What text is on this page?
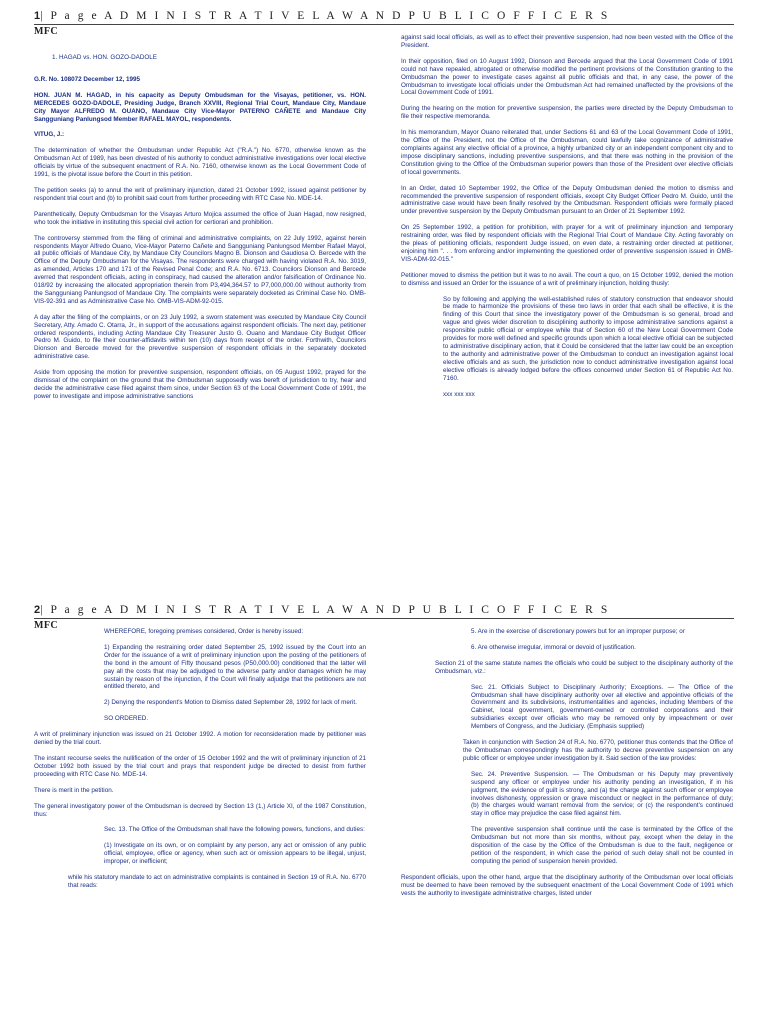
1| P a g e A D M I N I S T R A T I V E L A W A N D P U B L I C O F F I C E R S
MFC

1. HAGAD vs. HON. GOZO-DADOLE

G.R. No. 108072 December 12, 1995

HON. JUAN M. HAGAD, in his capacity as Deputy Ombudsman for the Visayas, petitioner, vs. HON. MERCEDES GOZO-DADOLE, Presiding Judge, Branch XXVIII, Regional Trial Court, Mandaue City, Mandaue City Mayor ALFREDO M. OUANO, Mandaue City Vice-Mayor PATERNO CAÑETE and Mandaue City Sangguniang Panlungsod Member RAFAEL MAYOL, respondents.

VITUG, J.:

The determination of whether the Ombudsman under Republic Act ("R.A.") No. 6770, otherwise known as the Ombudsman Act of 1989, has been divested of his authority to conduct administrative investigations over local elective officials by virtue of the subsequent enactment of R.A. No. 7160, otherwise known as the Local Government Code of 1991, is the pivotal issue before the Court in this petition.

The petition seeks (a) to annul the writ of preliminary injunction, dated 21 October 1992, issued against petitioner by respondent trial court and (b) to prohibit said court from further proceeding with RTC Case No. MDE-14.

Parenthetically, Deputy Ombudsman for the Visayas Arturo Mojica assumed the office of Juan Hagad, now resigned, who took the initiative in instituting this special civil action for certiorari and prohibition.

The controversy stemmed from the filing of criminal and administrative complaints, on 22 July 1992, against herein respondents Mayor Alfredo Ouano, Vice-Mayor Paterno Cañete and Sangguniang Panlungsod Member Rafael Mayol, all public officials of Mandaue City, by Mandaue City Councilors Magno B. Dionson and Gaudiosa O. Bercede with the Office of the Deputy Ombudsman for the Visayas. The respondents were charged with having violated R.A. No. 3019, as amended, Articles 170 and 171 of the Revised Penal Code; and R.A. No. 6713. Councilors Dionson and Bercede averred that respondent officials, acting in conspiracy, had caused the alteration and/or falsification of Ordinance No. 018/92 by increasing the allocated appropriation therein from P3,494,364.57 to P7,000,000.00 without authority from the Sangguniang Panlungsod of Mandaue City. The complaints were separately docketed as Criminal Case No. OMB-VIS-92-391 and as Administrative Case No. OMB-VIS-ADM-92-015.

A day after the filing of the complaints, or on 23 July 1992, a sworn statement was executed by Mandaue City Council Secretary, Atty. Amado C. Otarra, Jr., in support of the accusations against respondent officials. The next day, petitioner ordered respondents, including Acting Mandaue City Treasurer Justo G. Ouano and Mandaue City Budget Officer Pedro M. Guido, to file their counter-affidavits within ten (10) days from receipt of the order. Forthwith, Councilors Dionson and Bercede moved for the preventive suspension of respondent officials in the separately docketed administrative case.

Aside from opposing the motion for preventive suspension, respondent officials, on 05 August 1992, prayed for the dismissal of the complaint on the ground that the Ombudsman supposedly was bereft of jurisdiction to try, hear and decide the administrative case filed against them since, under Section 63 of the Local Government Code of 1991, the power to investigate and impose administrative sanctions

against said local officials, as well as to effect their preventive suspension, had now been vested with the Office of the President.

In their opposition, filed on 10 August 1992, Dionson and Bercede argued that the Local Government Code of 1991 could not have repealed, abrogated or otherwise modified the pertinent provisions of the Constitution granting to the Ombudsman the power to investigate cases against all public officials and that, in any case, the power of the Ombudsman to investigate local officials under the Ombudsman Act had remained unaffected by the provisions of the Local Government Code of 1991.

During the hearing on the motion for preventive suspension, the parties were directed by the Deputy Ombudsman to file their respective memoranda.

In his memorandum, Mayor Ouano reiterated that, under Sections 61 and 63 of the Local Government Code of 1991, the Office of the President, not the Office of the Ombudsman, could lawfully take cognizance of administrative complaints against any elective official of a province, a highly urbanized city or an independent component city and to impose disciplinary sanctions, including preventive suspensions, and that there was nothing in the provision of the Constitution giving to the Office of the Ombudsman superior powers than those of the President over elective officials of local governments.

In an Order, dated 10 September 1992, the Office of the Deputy Ombudsman denied the motion to dismiss and recommended the preventive suspension of respondent officials, except City Budget Officer Pedro M. Guido, until the administrative case would have been finally resolved by the Ombudsman. Respondent officials were formally placed under preventive suspension by the Deputy Ombudsman pursuant to an Order of 21 September 1992.

On 25 September 1992, a petition for prohibition, with prayer for a writ of preliminary injunction and temporary restraining order, was filed by respondent officials with the Regional Trial Court of Mandaue City. Acting favorably on the pleas of petitioning officials, respondent Judge issued, on even date, a restraining order directed at petitioner, enjoining him ". . . from enforcing and/or implementing the questioned order of preventive suspension issued in OMB-VIS-ADM-92-015."

Petitioner moved to dismiss the petition but it was to no avail. The court a quo, on 15 October 1992, denied the motion to dismiss and issued an Order for the issuance of a writ of preliminary injunction, holding thusly:

So by following and applying the well-established rules of statutory construction that endeavor should be made to harmonize the provisions of these two laws in order that each shall be effective, it is the finding of this Court that since the investigatory power of the Ombudsman is so general, broad and vague and gives wider discretion to disciplining authority to impose administrative sanctions against a responsible public official or employee while that of Section 60 of the New Local Government Code provides for more well defined and specific grounds upon which a local elective official can be subjected to administrative disciplinary action, that it Could be considered that the latter law could be an exception to the authority and administrative power of the Ombudsman to conduct an investigation against local elective officials and as such, the jurisdiction now to conduct administrative investigation against local elective officials is already lodged before the offices concerned under Section 61 of Republic Act No. 7160.

xxx xxx xxx

2| P a g e A D M I N I S T R A T I V E L A W A N D P U B L I C O F F I C E R S
MFC

WHEREFORE, foregoing premises considered, Order is hereby issued:

1) Expanding the restraining order dated September 25, 1992 issued by the Court into an Order for the issuance of a writ of preliminary injunction upon the posting of the petitioners of the bond in the amount of Fifty thousand pesos (P50,000.00) conditioned that the latter will pay all the costs that may be adjudged to the adverse party and/or damages which he may sustain by reason of the injunction, if the Court will finally adjudge that the petitioners are not entitled thereto, and

2) Denying the respondent's Motion to Dismiss dated September 28, 1992 for lack of merit.

SO ORDERED.

A writ of preliminary injunction was issued on 21 October 1992. A motion for reconsideration made by petitioner was denied by the trial court.

The instant recourse seeks the nullification of the order of 15 October 1992 and the writ of preliminary injunction of 21 October 1992 both issued by the trial court and prays that respondent judge be directed to desist from further proceeding with RTC Case No. MDE-14.

There is merit in the petition.

The general investigatory power of the Ombudsman is decreed by Section 13 (1,) Article XI, of the 1987 Constitution, thus:

Sec. 13. The Office of the Ombudsman shall have the following powers, functions, and duties:

(1) Investigate on its own, or on complaint by any person, any act or omission of any public official, employee, office or agency, when such act or omission appears to be illegal, unjust, improper, or inefficient;

while his statutory mandate to act on administrative complaints is contained in Section 19 of R.A. No. 6770 that reads:

5. Are in the exercise of discretionary powers but for an improper purpose; or

6. Are otherwise irregular, immoral or devoid of justification.

Section 21 of the same statute names the officials who could be subject to the disciplinary authority of the Ombudsman, viz.:

Sec. 21. Officials Subject to Disciplinary Authority; Exceptions. — The Office of the Ombudsman shall have disciplinary authority over all elective and appointive officials of the Government and its subdivisions, instrumentalities and agencies, including Members of the Cabinet, local government, government-owned or controlled corporations and their subsidiaries except over officials who may be removed only by impeachment or over Members of Congress, and the Judiciary. (Emphasis supplied)

Taken in conjunction with Section 24 of R.A. No. 6770, petitioner thus contends that the Office of the Ombudsman correspondingly has the authority to decree preventive suspension on any public officer or employee under investigation by it. Said section of the law provides:

Sec. 24. Preventive Suspension. — The Ombudsman or his Deputy may preventively suspend any officer or employee under his authority pending an investigation, if in his judgment, the evidence of guilt is strong, and (a) the charge against such officer or employee involves dishonesty, oppression or grave misconduct or neglect in the performance of duty; (b) the charges would warrant removal from the service; or (c) the respondent's continued stay in office may prejudice the case filed against him.

The preventive suspension shall continue until the case is terminated by the Office of the Ombudsman but not more than six months, without pay, except when the delay in the disposition of the case by the Office of the Ombudsman is due to the fault, negligence or petition of the respondent, in which case the period of such delay shall not be counted in computing the period of suspension herein provided.

Respondent officials, upon the other hand, argue that the disciplinary authority of the Ombudsman over local officials must be deemed to have been removed by the subsequent enactment of the Local Government Code of 1991 which vests the authority to investigate administrative charges, listed under
